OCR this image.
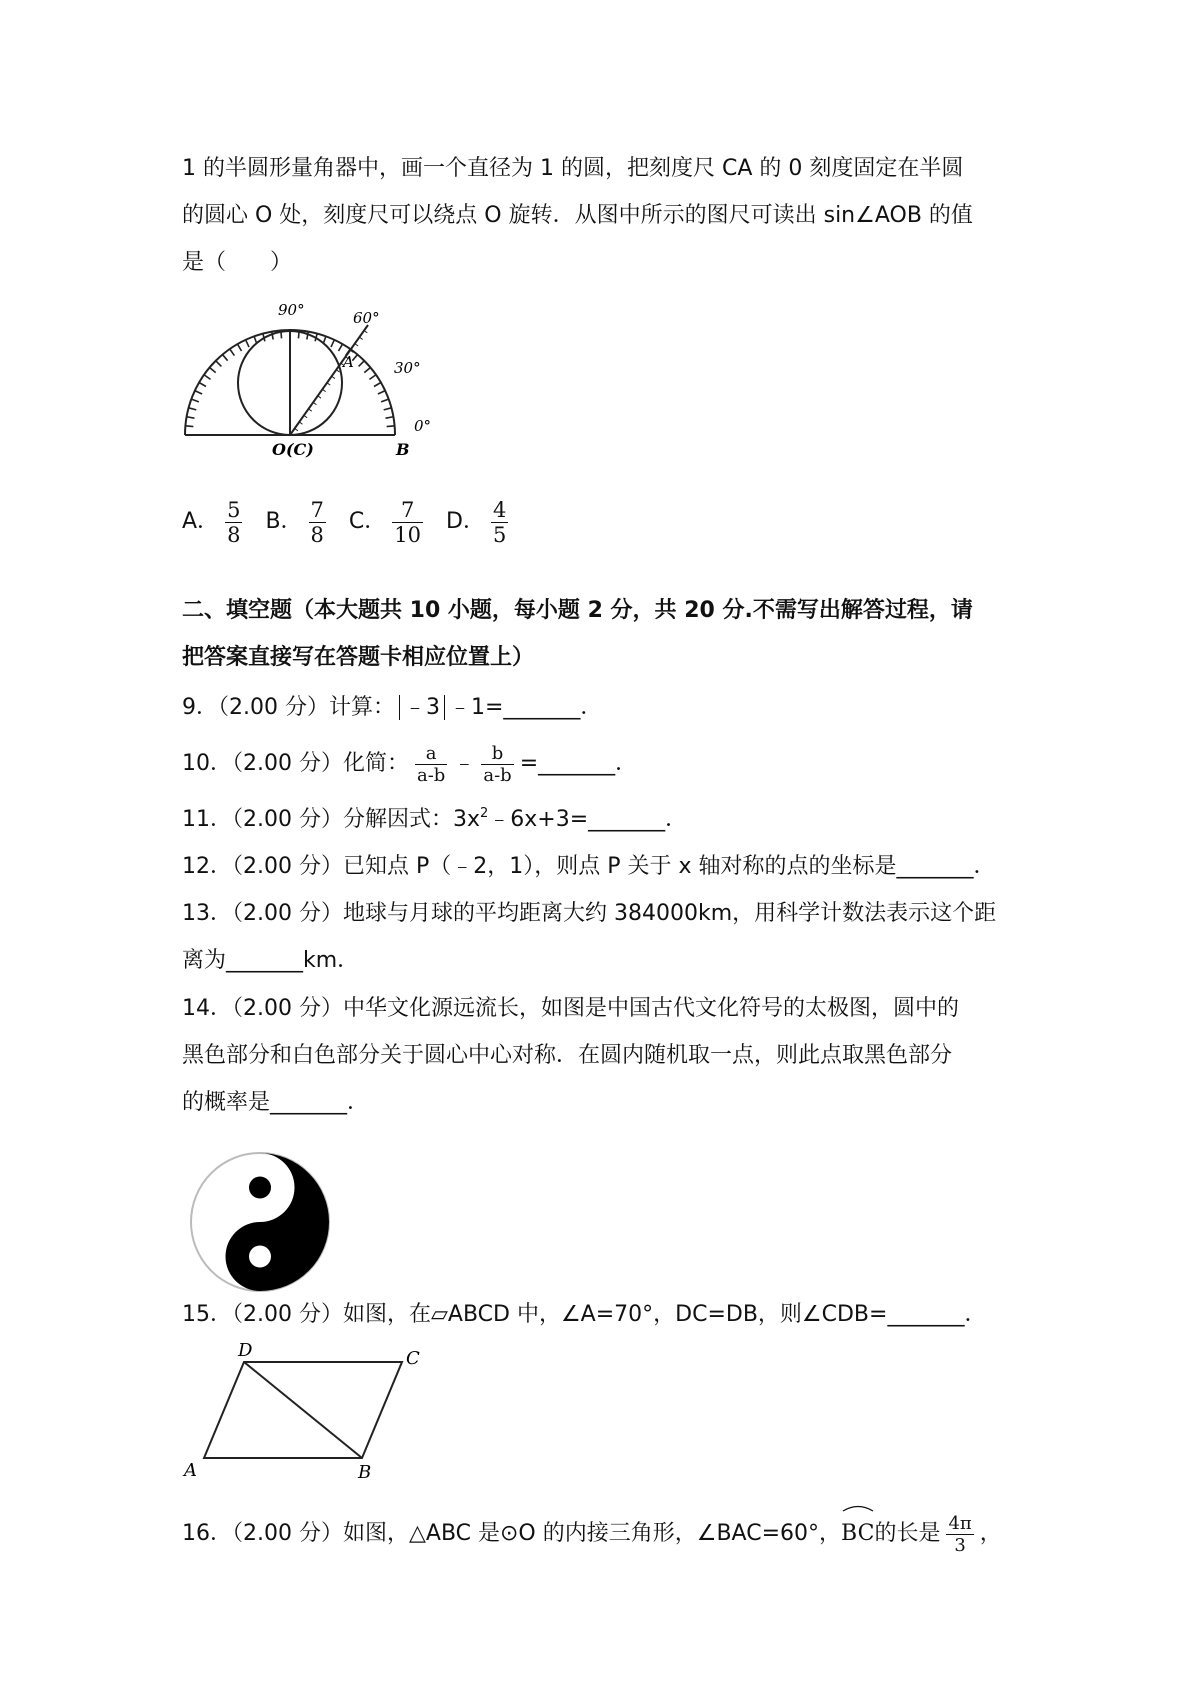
1 的半圆形量角器中，画一个直径为 1 的圆，把刻度尺 CA 的 0 刻度固定在半圆
的圆心 O 处，刻度尺可以绕点 O 旋转．从图中所示的图尺可读出 sin∠AOB 的值
是（　　）
90°	60°
30°
0°
A
O(C)	B
A． $\frac{5}{8}$ B． $\frac{7}{8}$ C． $\frac{7}{10}$ D． $\frac{4}{5}$
二、填空题（本大题共 10 小题，每小题 2 分，共 20 分.不需写出解答过程，请
把答案直接写在答题卡相应位置上）
9．（2.00 分）计算： ﹣3 ﹣1=_______．
10．（2.00 分）化简： $\frac{a}{a-b}$ ﹣ $\frac{b}{a-b}$ =_______．
11．（2.00 分）分解因式：$3x^2﹣6x+3=\_\_\_\_\_\_\_$．
12．（2.00 分）已知点 P（﹣2，1），则点 P 关于 x 轴对称的点的坐标是_______．
13．（2.00 分）地球与月球的平均距离大约 384000km，用科学计数法表示这个距
离为_______km．
14．（2.00 分）中华文化源远流长，如图是中国古代文化符号的太极图，圆中的
黑色部分和白色部分关于圆心中心对称．在圆内随机取一点，则此点取黑色部分
的概率是_______．
15．（2.00 分）如图，在▱ABCD 中，∠A=70°，DC=DB，则∠CDB=_______．
A	B
C
D
16．（2.00 分）如图，△ABC 是⊙O 的内接三角形，∠BAC=60°，
BC的长是 $\frac{4\pi}{3}$ ，
